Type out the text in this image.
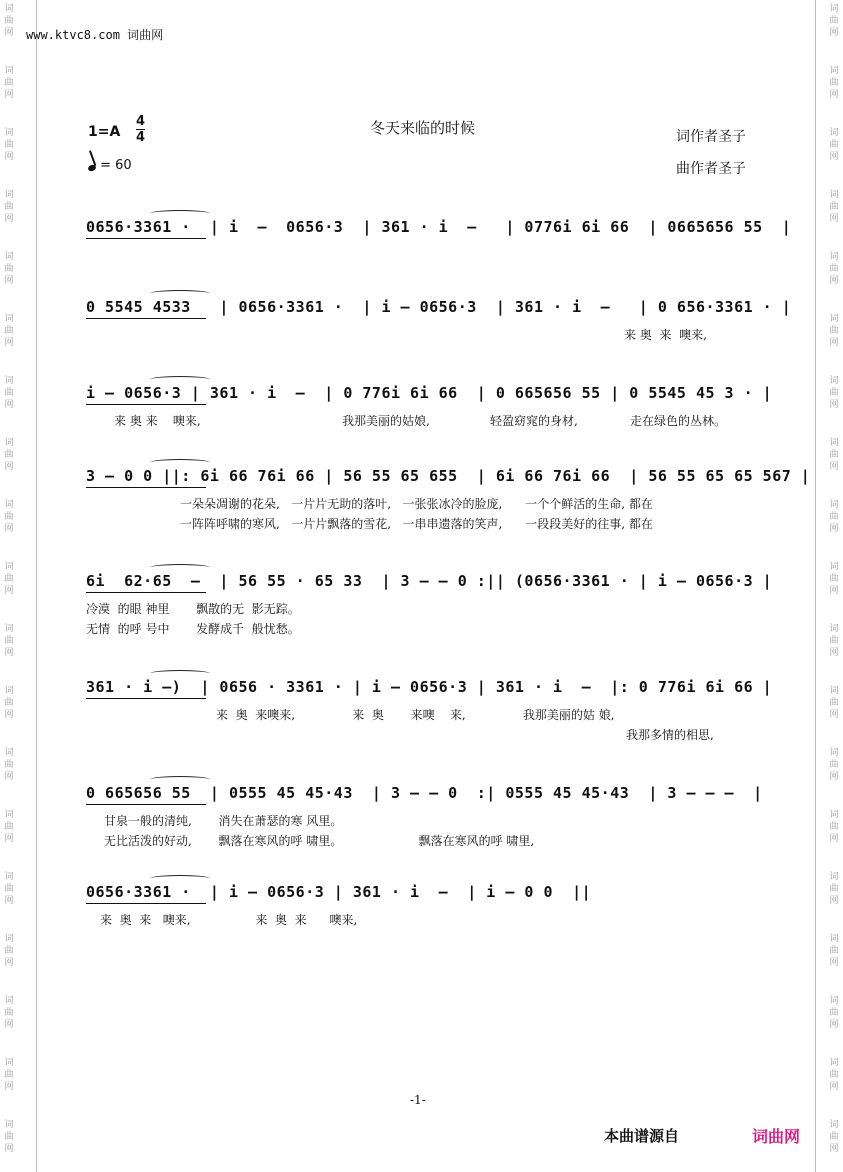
词
曲
网
词
曲
网
词
曲
网
词
曲
网
词
曲
网
词
曲
网
词
曲
网
词
曲
网
词
曲
网
词
曲
网
词
曲
网
词
曲
网
词
曲
网
词
曲
网
词
曲
网
词
曲
网
词
曲
网
词
曲
网
词
曲
网
词
曲
网
词
曲
网
词
曲
网
词
曲
网
词
曲
网
词
曲
网
词
曲
网
词
曲
网
词
曲
网
词
曲
网
词
曲
网
词
曲
网
词
曲
网
词
曲
网
词
曲
网
词
曲
网
词
曲
网
词
曲
网
词
曲
网
www.ktvc8.com 词曲网
冬天来临的时候	词作者圣子
曲作者圣子
1=A
4
4
= 60
0656·3361 ·  | i  –  0656·3  | 361 · i  –   | 0776i 6i 66  | 0665656 55  |
0 5545 4533   | 0656·3361 ·  | i – 0656·3  | 361 · i  –   | 0 656·3361 · |
来 奥  来  噢来,
i – 0656·3 | 361 · i  –  | 0 776i 6i 66  | 0 665656 55 | 0 5545 45 3 · |
来 奥 来    噢来,	我那美丽的姑娘,	轻盈窈窕的身材,	走在绿色的丛林。
3 – 0 0 ||: 6i 66 76i 66 | 56 55 65 655  | 6i 66 76i 66  | 56 55 65 65 567 |
一朵朵凋谢的花朵,   一片片无助的落叶,   一张张冰冷的脸庞,      一个个鲜活的生命, 都在
一阵阵呼啸的寒风,   一片片飘落的雪花,   一串串遗落的笑声,      一段段美好的往事, 都在
6i  62·65  –  | 56 55 · 65 33  | 3 – – 0 :|| (0656·3361 · | i – 0656·3 |
冷漠  的眼 神里       飘散的无  影无踪。
无情  的呼 号中       发酵成千  般忧愁。
361 · i –)  | 0656 · 3361 · | i – 0656·3 | 361 · i  –  |: 0 776i 6i 66 |
来  奥  来噢来,               来  奥       来噢    来,               我那美丽的姑 娘,
我那多情的相思,
0 665656 55  | 0555 45 45·43  | 3 – – 0  :| 0555 45 45·43  | 3 – – –  |
甘泉一般的清纯,       消失在萧瑟的寒 风里。
无比活泼的好动,       飘落在寒风的呼 啸里。                    飘落在寒风的呼 啸里,
0656·3361 ·  | i – 0656·3 | 361 · i  –  | i – 0 0  ||
来  奥  来   噢来,                 来  奥  来      噢来,
-1-
本曲谱源自	词曲网
